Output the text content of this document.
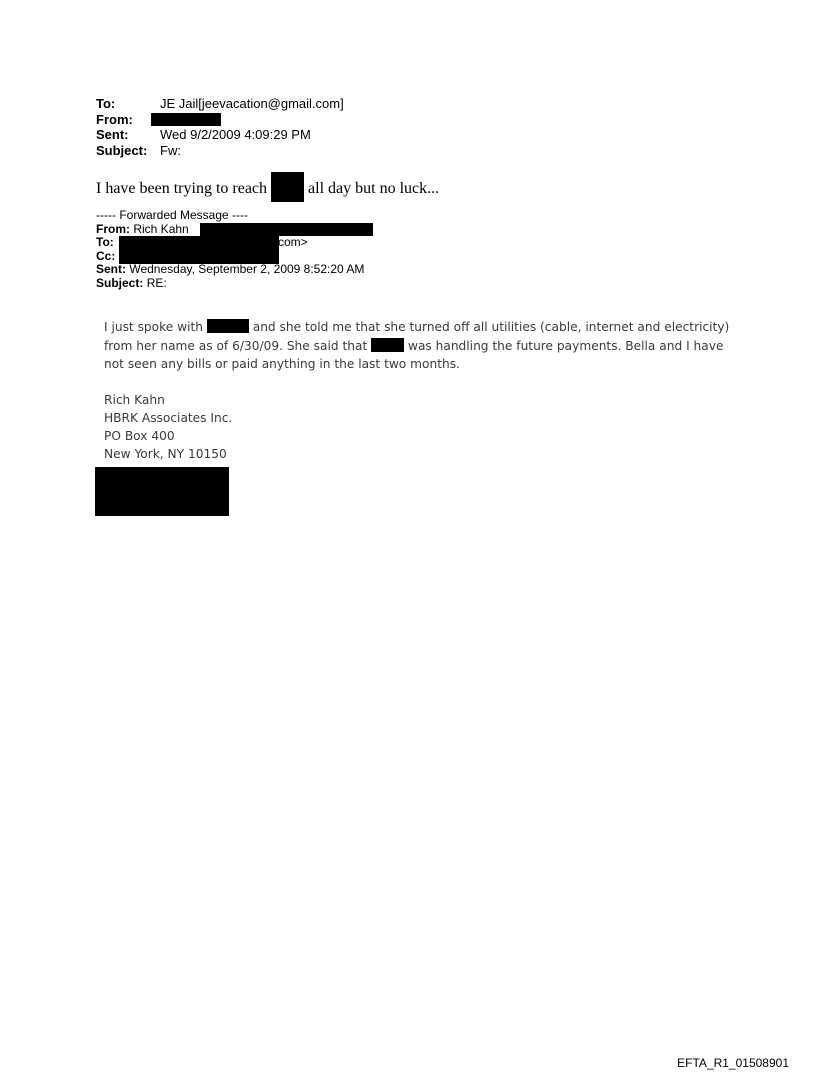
To:	JE Jail[jeevacation@gmail.com]
From:
Sent:	Wed 9/2/2009 4:09:29 PM
Subject: Fw:
I have been trying to reach	all day but no luck...
----- Forwarded Message ----
From: Rich Kahn
To:	com>
Cc:
Sent: Wednesday, September 2, 2009 8:52:20 AM
Subject: RE:
I just spoke with	and she told me that she turned off all utilities (cable, internet and electricity)
from her name as of 6/30/09. She said that	was handling the future payments. Bella and I have
not seen any bills or paid anything in the last two months.
Rich Kahn
HBRK Associates Inc.
PO Box 400
New York, NY 10150
EFTA_R1_01508901
